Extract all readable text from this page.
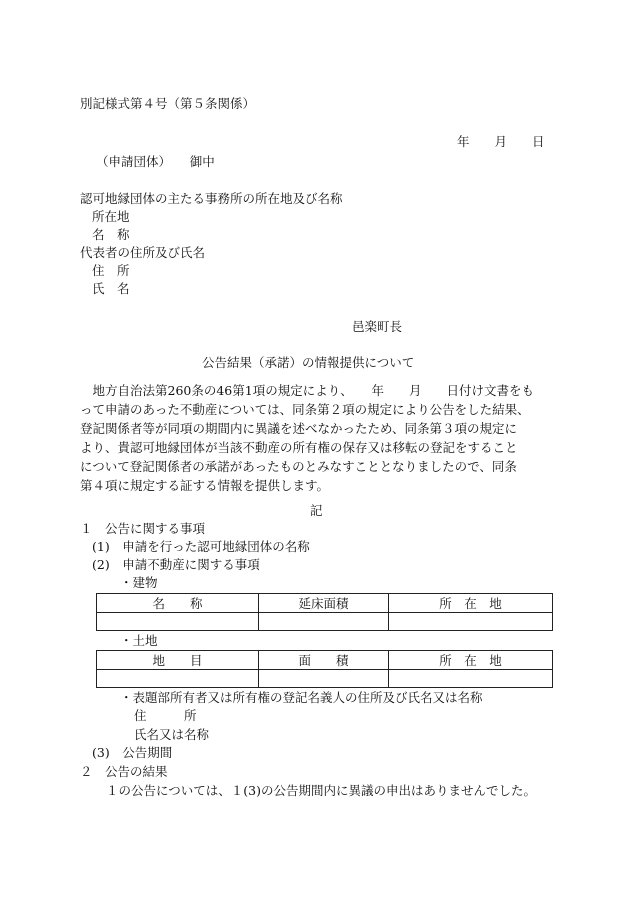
別記様式第４号（第５条関係）
年　　月　　日
（申請団体）　　御中
認可地縁団体の主たる事務所の所在地及び名称
所在地
名　称
代表者の住所及び氏名
住　所
氏　名
邑楽町長
公告結果（承諾）の情報提供について
　地方自治法第260条の46第1項の規定により、　　年　　月　　日付け文書をも
って申請のあった不動産については、同条第２項の規定により公告をした結果、
登記関係者等が同項の期間内に異議を述べなかったため、同条第３項の規定に
より、貴認可地縁団体が当該不動産の所有権の保存又は移転の登記をすること
について登記関係者の承諾があったものとみなすこととなりましたので、同条
第４項に規定する証する情報を提供します。
記
１　公告に関する事項
(1)　申請を行った認可地縁団体の名称
(2)　申請不動産に関する事項
・建物
名　　称	延床面積	所　在　地

・土地
地　　目	面　　積	所　在　地

・表題部所有者又は所有権の登記名義人の住所及び氏名又は名称
住　　　所
氏名又は名称
(3)　公告期間
２　公告の結果
１の公告については、１(3)の公告期間内に異議の申出はありませんでした。
